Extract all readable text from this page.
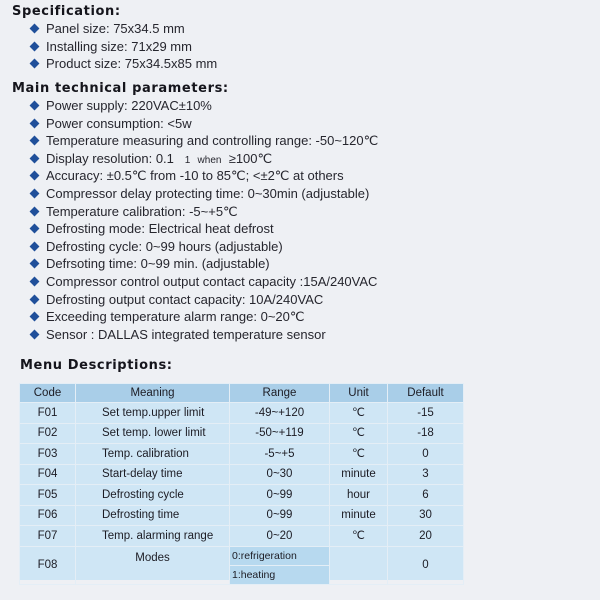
Specification:
Panel size: 75x34.5 mm
Installing size: 71x29 mm
Product size: 75x34.5x85 mm
Main technical parameters:
Power supply: 220VAC±10%
Power consumption: <5w
Temperature measuring and controlling range: -50~120℃
Display resolution: 0.1 1 when ≥100℃
Accuracy: ±0.5℃ from -10 to 85℃; <±2℃ at others
Compressor delay protecting time: 0~30min (adjustable)
Temperature calibration: -5~+5℃
Defrosting mode: Electrical heat defrost
Defrosting cycle: 0~99 hours (adjustable)
Defrsoting time: 0~99 min. (adjustable)
Compressor control output contact capacity :15A/240VAC
Defrosting output contact capacity: 10A/240VAC
Exceeding temperature alarm range: 0~20℃
Sensor : DALLAS integrated temperature sensor
Menu Descriptions:
Code	Meaning	Range	Unit	Default
F01	Set temp.upper limit	-49~+120	℃	-15
F02	Set temp. lower limit	-50~+119	℃	-18
F03	Temp. calibration	-5~+5	℃	0
F04	Start-delay time	0~30	minute	3
F05	Defrosting cycle	0~99	hour	6
F06	Defrosting time	0~99	minute	30
F07	Temp. alarming range	0~20	℃	20
F08	Modes	0:refrigeration		0
		1:heating		
